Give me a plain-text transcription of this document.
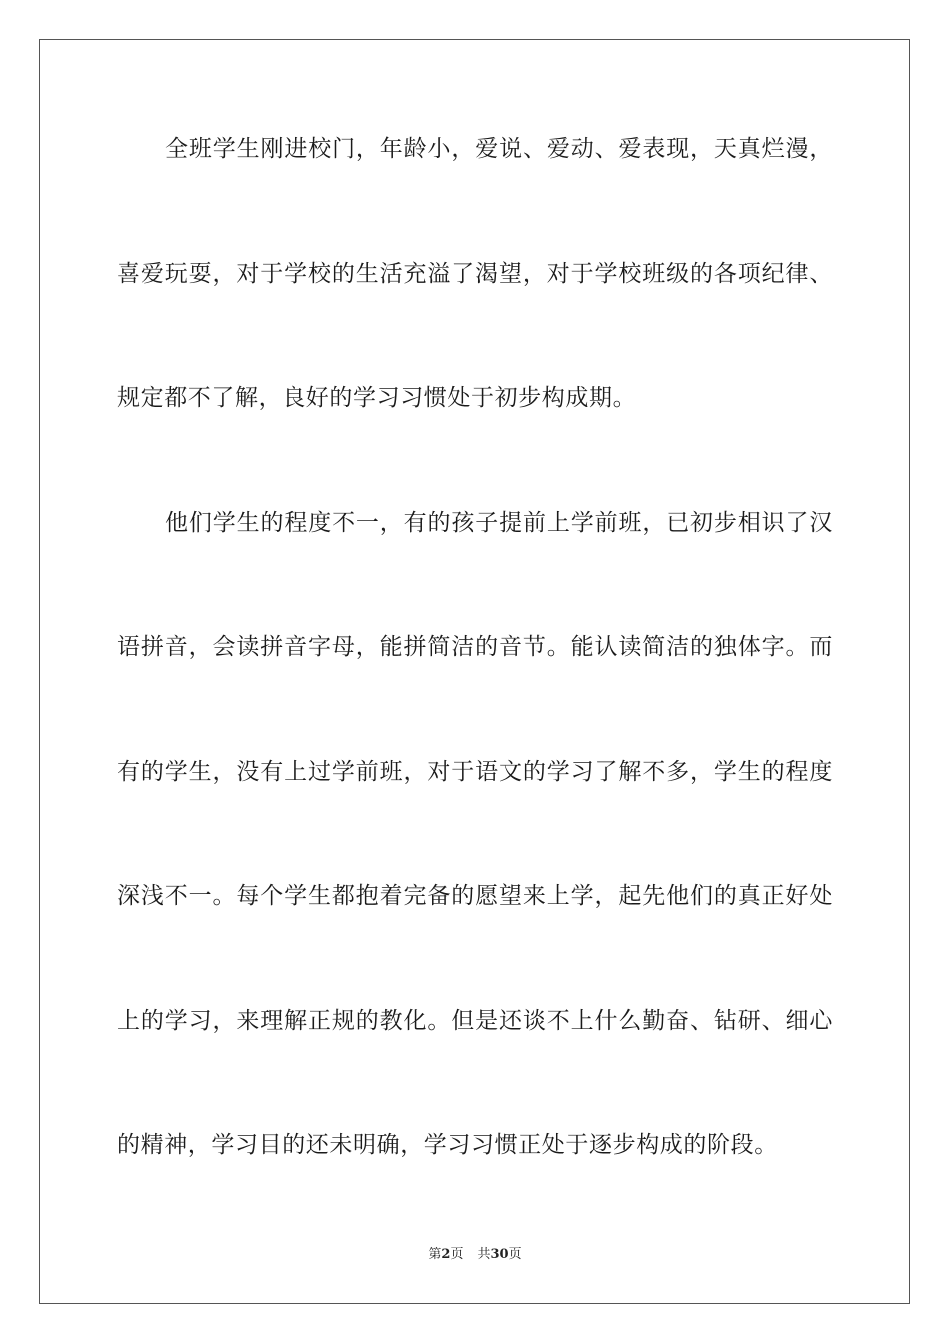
全班学生刚进校门，年龄小，爱说、爱动、爱表现，天真烂漫，
喜爱玩耍，对于学校的生活充溢了渴望，对于学校班级的各项纪律、
规定都不了解，良好的学习习惯处于初步构成期。
他们学生的程度不一，有的孩子提前上学前班，已初步相识了汉
语拼音，会读拼音字母，能拼简洁的音节。能认读简洁的独体字。而
有的学生，没有上过学前班，对于语文的学习了解不多，学生的程度
深浅不一。每个学生都抱着完备的愿望来上学，起先他们的真正好处
上的学习，来理解正规的教化。但是还谈不上什么勤奋、钻研、细心
的精神，学习目的还未明确，学习习惯正处于逐步构成的阶段。
第2页 共30页
